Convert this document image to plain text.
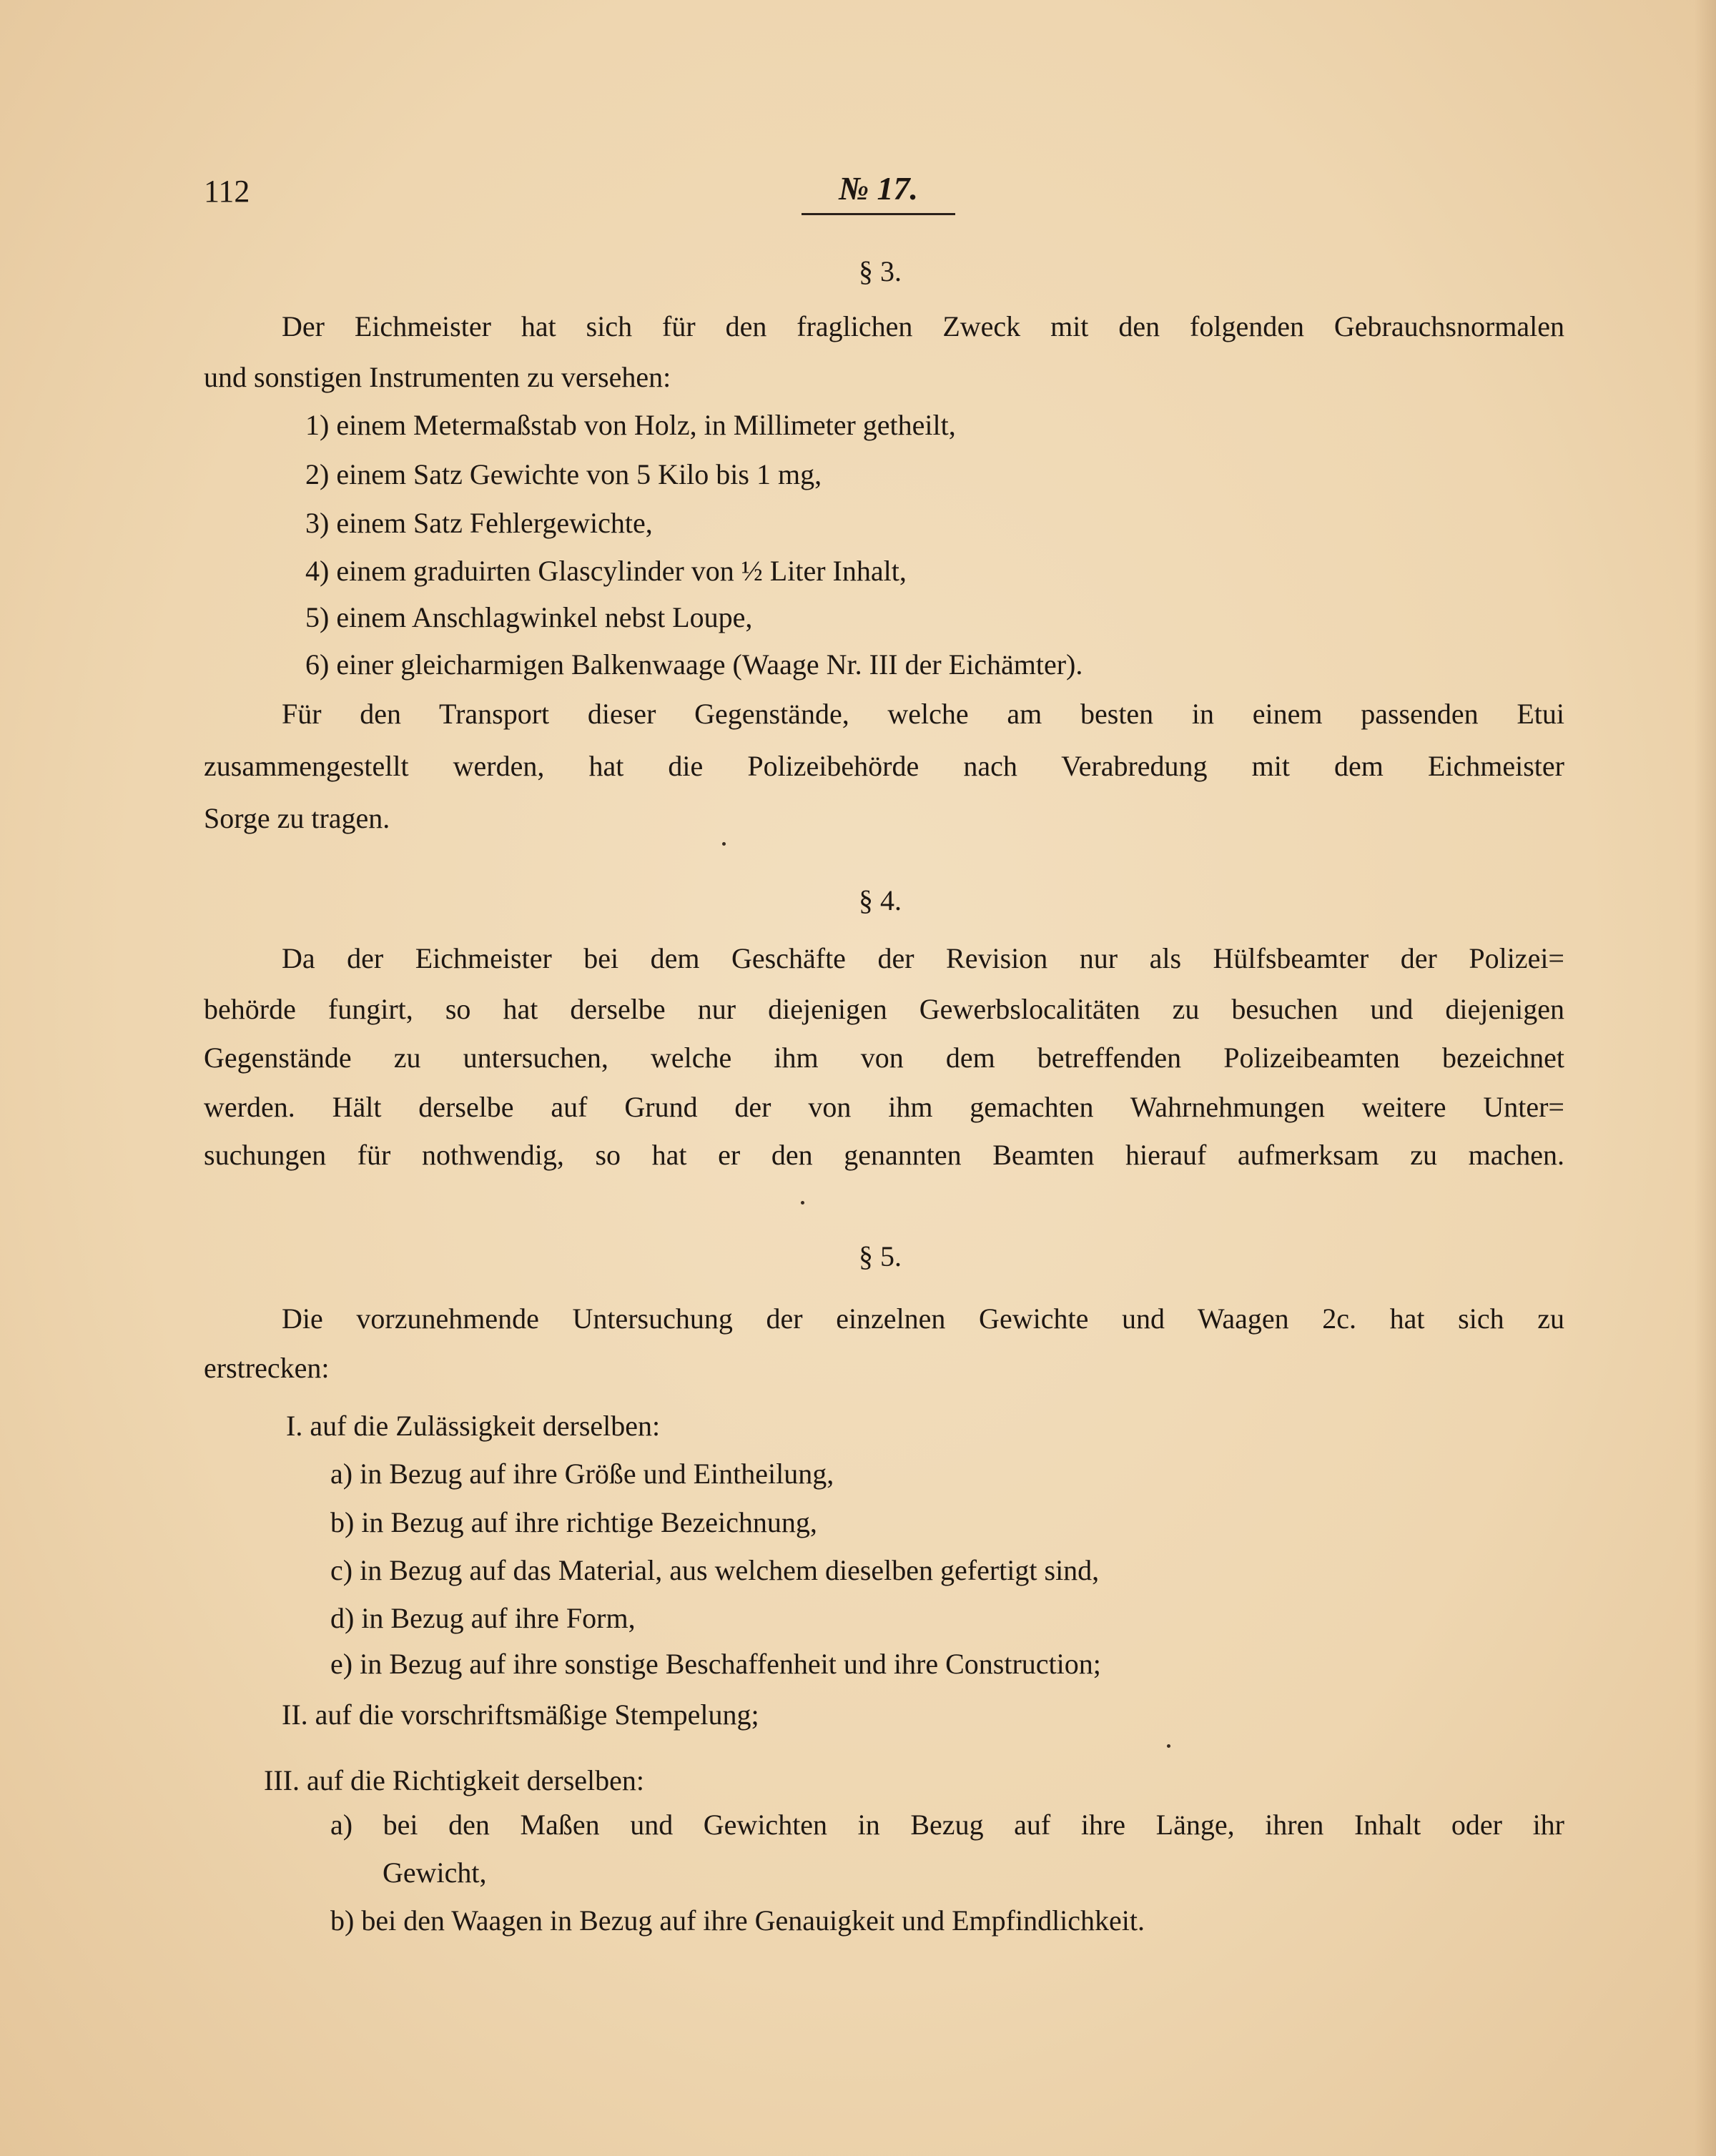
112	№ 17.
§ 3.
Der Eichmeister hat sich für den fraglichen Zweck mit den folgenden Gebrauchsnormalen
und sonstigen Instrumenten zu versehen:
1) einem Metermaßstab von Holz, in Millimeter getheilt,
2) einem Satz Gewichte von 5 Kilo bis 1 mg,
3) einem Satz Fehlergewichte,
4) einem graduirten Glascylinder von ½ Liter Inhalt,
5) einem Anschlagwinkel nebst Loupe,
6) einer gleicharmigen Balkenwaage (Waage Nr. III der Eichämter).
Für den Transport dieser Gegenstände, welche am besten in einem passenden Etui
zusammengestellt werden, hat die Polizeibehörde nach Verabredung mit dem Eichmeister
Sorge zu tragen.
§ 4.
Da der Eichmeister bei dem Geschäfte der Revision nur als Hülfsbeamter der Polizei=
behörde fungirt, so hat derselbe nur diejenigen Gewerbslocalitäten zu besuchen und diejenigen
Gegenstände zu untersuchen, welche ihm von dem betreffenden Polizeibeamten bezeichnet
werden. Hält derselbe auf Grund der von ihm gemachten Wahrnehmungen weitere Unter=
suchungen für nothwendig, so hat er den genannten Beamten hierauf aufmerksam zu machen.
§ 5.
Die vorzunehmende Untersuchung der einzelnen Gewichte und Waagen 2c. hat sich zu
erstrecken:
I. auf die Zulässigkeit derselben:
a) in Bezug auf ihre Größe und Eintheilung,
b) in Bezug auf ihre richtige Bezeichnung,
c) in Bezug auf das Material, aus welchem dieselben gefertigt sind,
d) in Bezug auf ihre Form,
e) in Bezug auf ihre sonstige Beschaffenheit und ihre Construction;
II. auf die vorschriftsmäßige Stempelung;
III. auf die Richtigkeit derselben:
a) bei den Maßen und Gewichten in Bezug auf ihre Länge, ihren Inhalt oder ihr
Gewicht,
b) bei den Waagen in Bezug auf ihre Genauigkeit und Empfindlichkeit.
